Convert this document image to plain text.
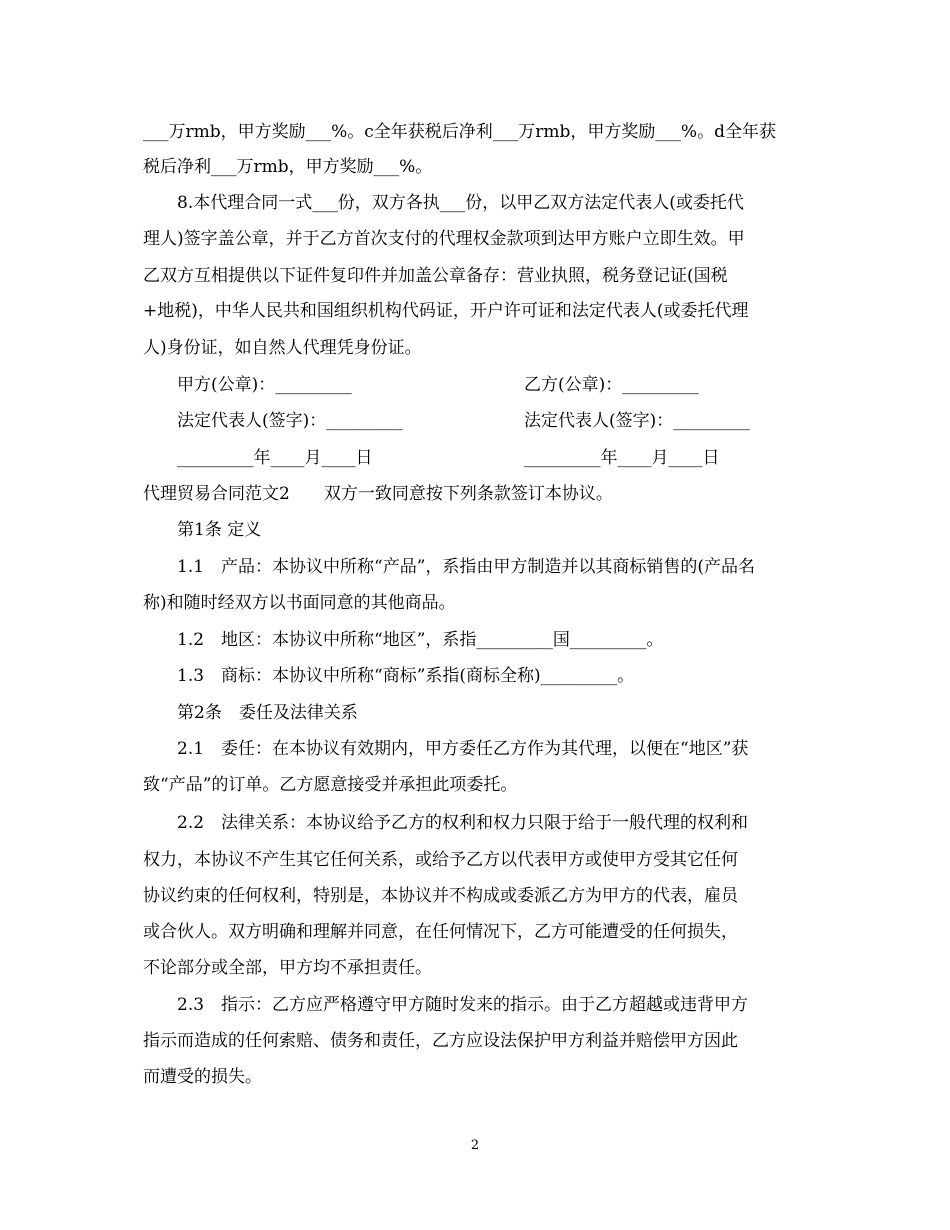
___万rmb，甲方奖励___%。c全年获税后净利___万rmb，甲方奖励___%。d全年获
税后净利___万rmb，甲方奖励___%。
8.本代理合同一式___份，双方各执___份，以甲乙双方法定代表人(或委托代
理人)签字盖公章，并于乙方首次支付的代理权金款项到达甲方账户立即生效。甲
乙双方互相提供以下证件复印件并加盖公章备存：营业执照，税务登记证(国税
+地税)，中华人民共和国组织机构代码证，开户许可证和法定代表人(或委托代理
人)身份证，如自然人代理凭身份证。
甲方(公章)：_________	乙方(公章)：_________
法定代表人(签字)：_________	法定代表人(签字)：_________
_________年____月____日	_________年____月____日
代理贸易合同范文2　　双方一致同意按下列条款签订本协议。
第1条 定义
1.1　产品：本协议中所称“产品”，系指由甲方制造并以其商标销售的(产品名
称)和随时经双方以书面同意的其他商品。
1.2　地区：本协议中所称“地区”，系指_________国_________。
1.3　商标：本协议中所称“商标”系指(商标全称)_________。
第2条　委任及法律关系
2.1　委任：在本协议有效期内，甲方委任乙方作为其代理，以便在“地区”获
致“产品”的订单。乙方愿意接受并承担此项委托。
2.2　法律关系：本协议给予乙方的权利和权力只限于给于一般代理的权利和
权力，本协议不产生其它任何关系，或给予乙方以代表甲方或使甲方受其它任何
协议约束的任何权利，特别是，本协议并不构成或委派乙方为甲方的代表，雇员
或合伙人。双方明确和理解并同意，在任何情况下，乙方可能遭受的任何损失，
不论部分或全部，甲方均不承担责任。
2.3　指示：乙方应严格遵守甲方随时发来的指示。由于乙方超越或违背甲方
指示而造成的任何索赔、债务和责任，乙方应设法保护甲方利益并赔偿甲方因此
而遭受的损失。
2
